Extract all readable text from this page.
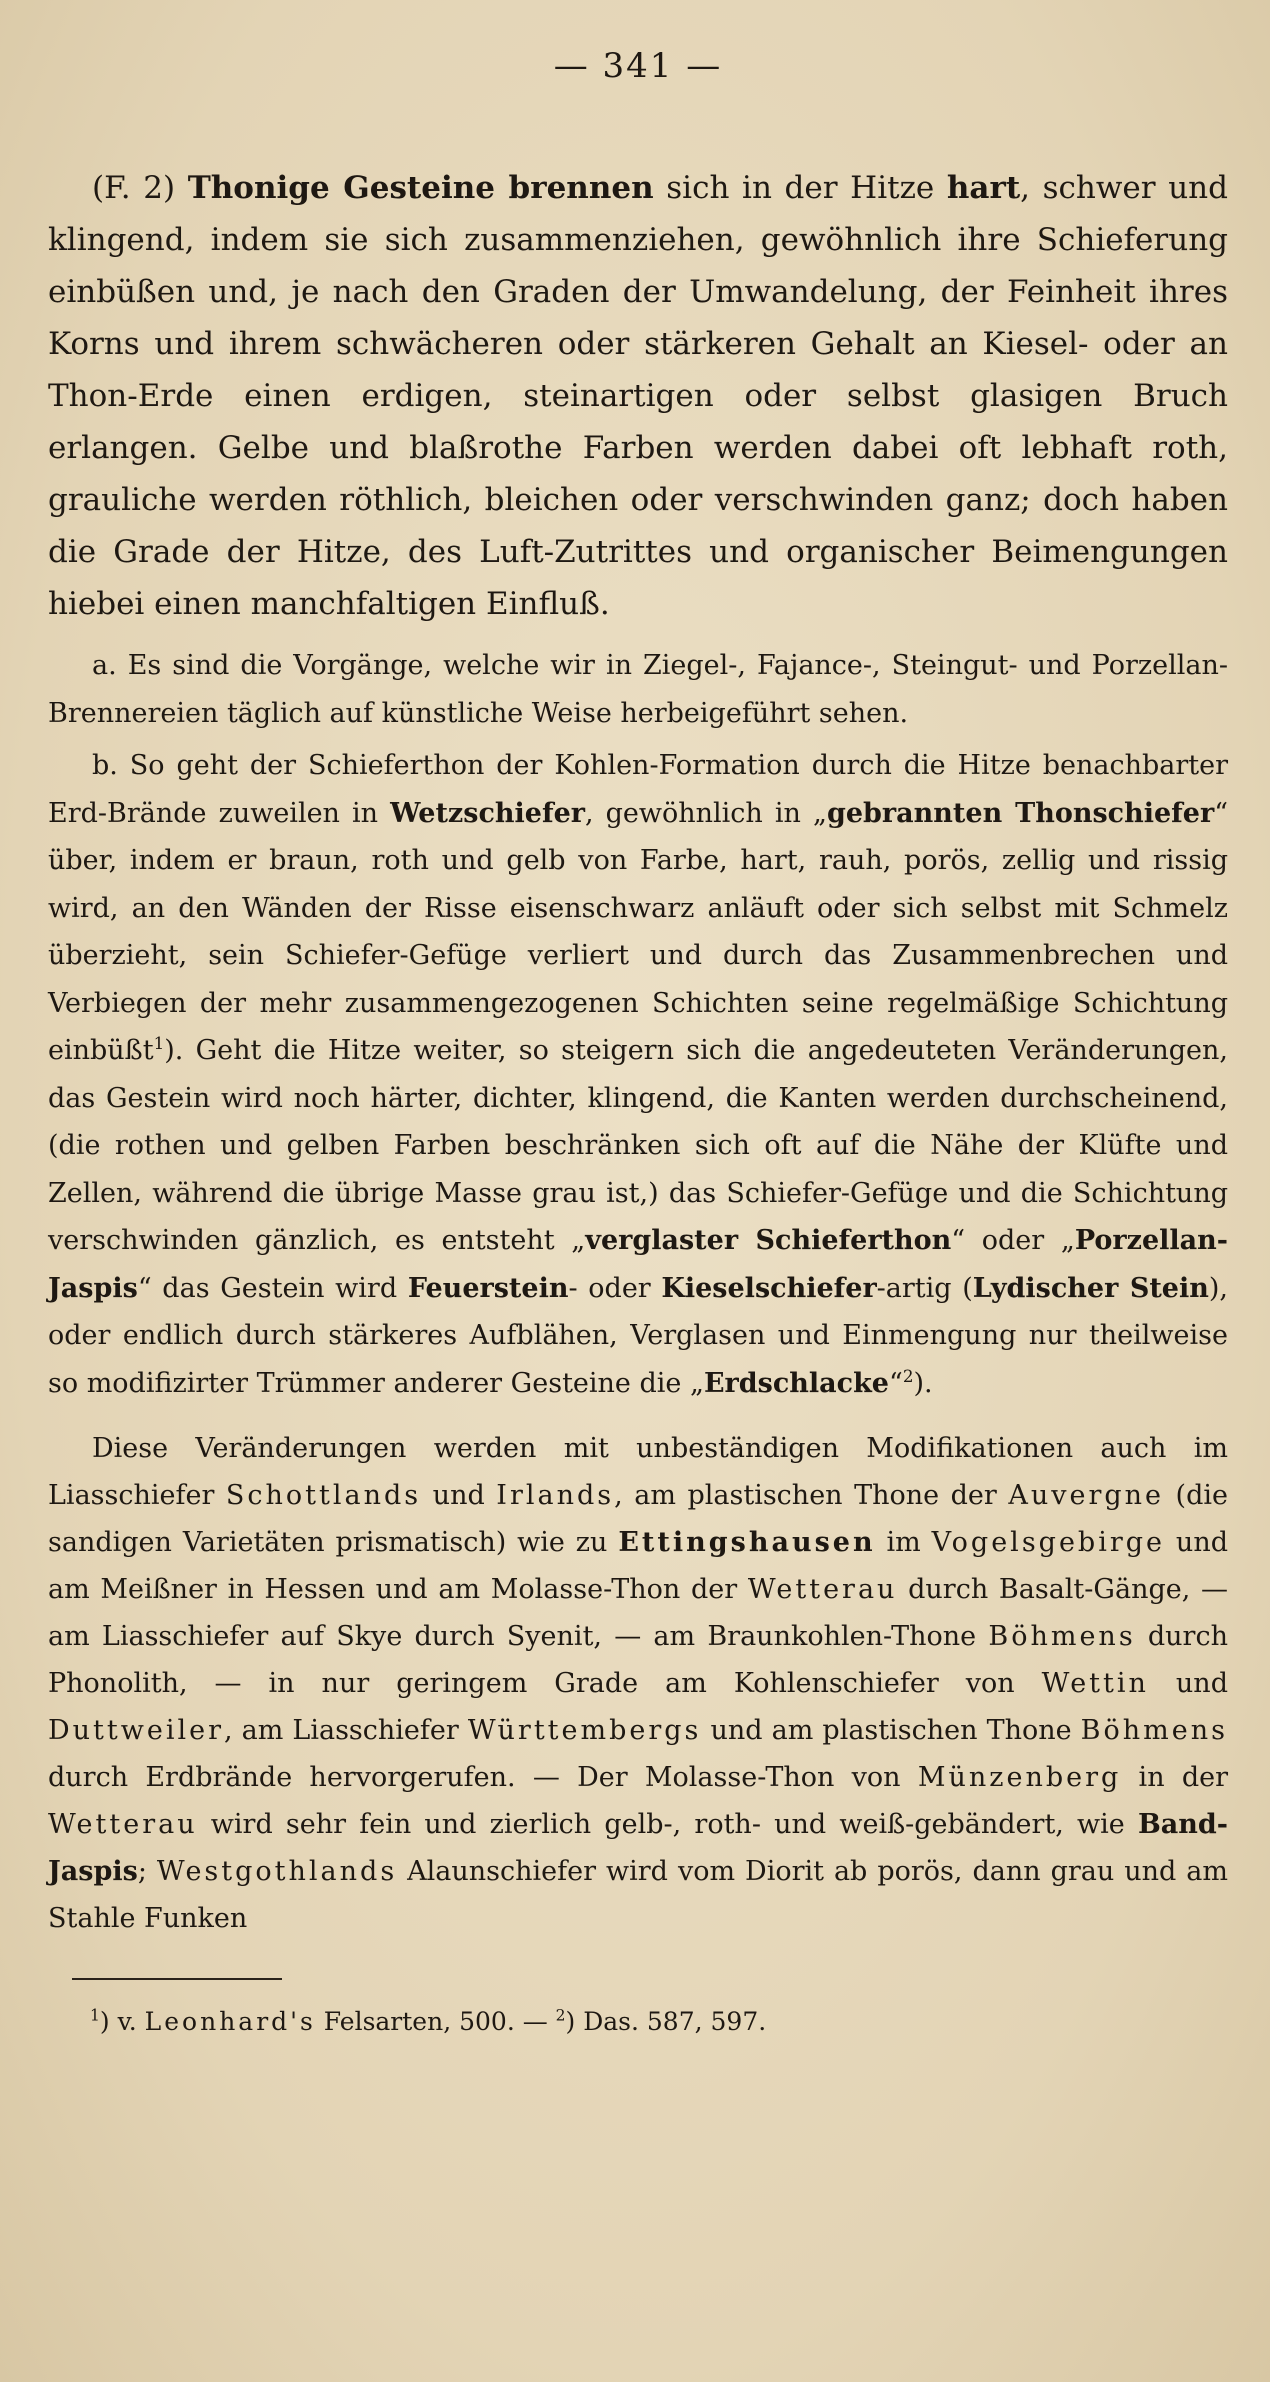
— 341 —

(F. 2) Thonige Gesteine brennen sich in der Hitze hart, schwer und klingend, indem sie sich zusammenziehen, gewöhnlich ihre Schieferung einbüßen und, je nach den Graden der Umwandelung, der Feinheit ihres Korns und ihrem schwächeren oder stärkeren Gehalt an Kiesel- oder an Thon-Erde einen erdigen, steinartigen oder selbst glasigen Bruch erlangen. Gelbe und blaßrothe Farben werden dabei oft lebhaft roth, grauliche werden röthlich, bleichen oder verschwinden ganz; doch haben die Grade der Hitze, des Luft-Zutrittes und organischer Beimengungen hiebei einen manchfaltigen Einfluß.

a. Es sind die Vorgänge, welche wir in Ziegel-, Fajance-, Steingut- und Porzellan-Brennereien täglich auf künstliche Weise herbeigeführt sehen.

b. So geht der Schieferthon der Kohlen-Formation durch die Hitze benachbarter Erd-Brände zuweilen in Wetzschiefer, gewöhnlich in „gebrannten Thonschiefer“ über, indem er braun, roth und gelb von Farbe, hart, rauh, porös, zellig und rissig wird, an den Wänden der Risse eisenschwarz anläuft oder sich selbst mit Schmelz überzieht, sein Schiefer-Gefüge verliert und durch das Zusammenbrechen und Verbiegen der mehr zusammengezogenen Schichten seine regelmäßige Schichtung einbüßt$^1$). Geht die Hitze weiter, so steigern sich die angedeuteten Veränderungen, das Gestein wird noch härter, dichter, klingend, die Kanten werden durchscheinend, (die rothen und gelben Farben beschränken sich oft auf die Nähe der Klüfte und Zellen, während die übrige Masse grau ist,) das Schiefer-Gefüge und die Schichtung verschwinden gänzlich, es entsteht „verglaster Schieferthon“ oder „Porzellan-Jaspis“ das Gestein wird Feuerstein- oder Kieselschiefer-artig (Lydischer Stein), oder endlich durch stärkeres Aufblähen, Verglasen und Einmengung nur theilweise so modifizirter Trümmer anderer Gesteine die „Erdschlacke“$^2$).

Diese Veränderungen werden mit unbeständigen Modifikationen auch im Liasschiefer Schottlands und Irlands, am plastischen Thone der Auvergne (die sandigen Varietäten prismatisch) wie zu Ettingshausen im Vogelsgebirge und am Meißner in Hessen und am Molasse-Thon der Wetterau durch Basalt-Gänge, — am Liasschiefer auf Skye durch Syenit, — am Braunkohlen-Thone Böhmens durch Phonolith, — in nur geringem Grade am Kohlenschiefer von Wettin und Duttweiler, am Liasschiefer Württembergs und am plastischen Thone Böhmens durch Erdbrände hervorgerufen. — Der Molasse-Thon von Münzenberg in der Wetterau wird sehr fein und zierlich gelb-, roth- und weiß-gebändert, wie Band-Jaspis; Westgothlands Alaunschiefer wird vom Diorit ab porös, dann grau und am Stahle Funken

$^1$) v. Leonhard's Felsarten, 500. — $^2$) Das. 587, 597.
